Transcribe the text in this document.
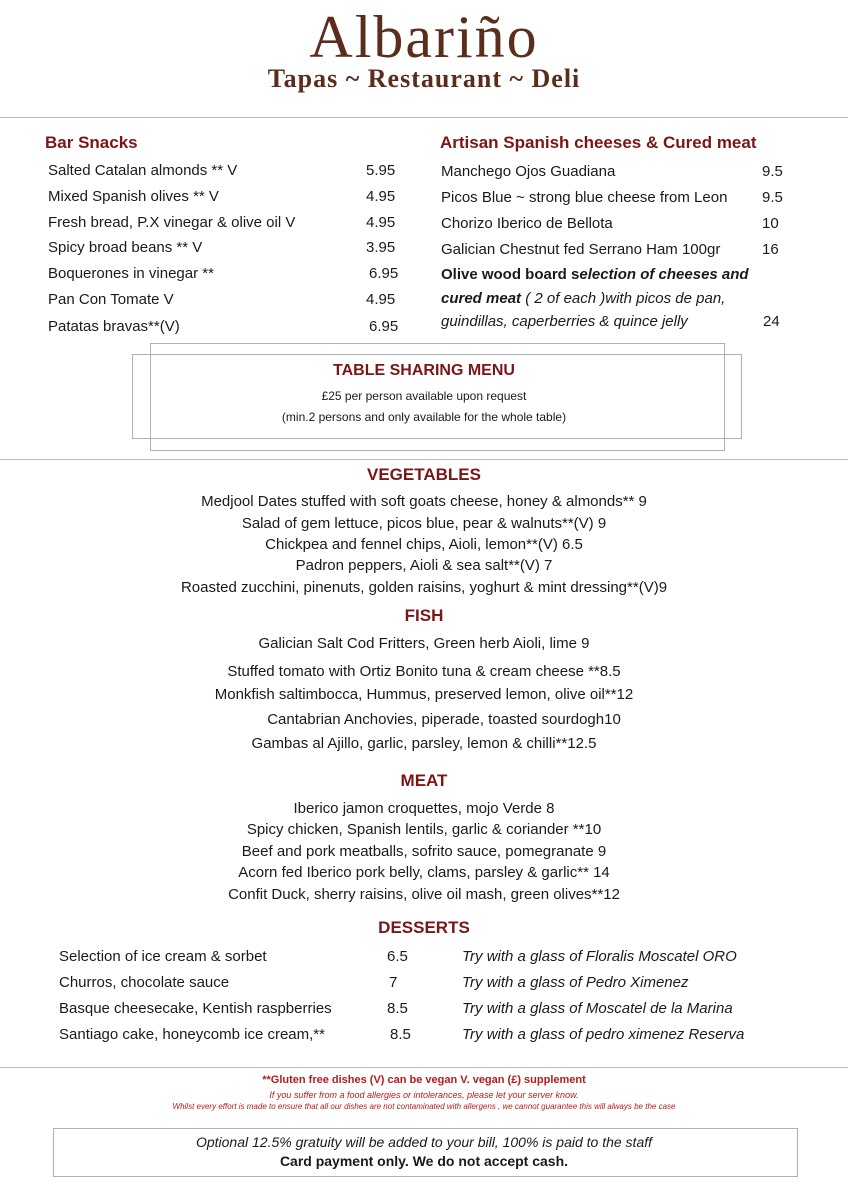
Albariño
Tapas ~ Restaurant ~ Deli
Bar Snacks
Salted Catalan almonds ** V	5.95
Mixed Spanish olives ** V	4.95
Fresh bread, P.X vinegar & olive oil V	4.95
Spicy broad beans ** V	3.95
Boquerones in vinegar **	6.95
Pan Con Tomate V	4.95
Patatas bravas**(V)	6.95
Artisan Spanish cheeses & Cured meat
Manchego Ojos Guadiana	9.5
Picos Blue ~ strong blue cheese from Leon 9.5
Chorizo Iberico de Bellota	10
Galician Chestnut fed Serrano Ham 100gr	16
Olive wood board selection of cheeses and
cured meat ( 2 of each )with picos de pan,
guindillas, caperberries & quince jelly	24
TABLE SHARING MENU
£25 per person available upon request
(min.2 persons and only available for the whole table)
VEGETABLES
Medjool Dates stuffed with soft goats cheese, honey & almonds** 9
Salad of gem lettuce, picos blue, pear & walnuts**(V) 9
Chickpea and fennel chips, Aioli, lemon**(V) 6.5
Padron peppers, Aioli & sea salt**(V) 7
Roasted zucchini, pinenuts, golden raisins, yoghurt & mint dressing**(V)9
FISH
Galician Salt Cod Fritters, Green herb Aioli, lime 9
Stuffed tomato with Ortiz Bonito tuna & cream cheese **8.5
Monkfish saltimbocca, Hummus, preserved lemon, olive oil**12
Cantabrian Anchovies, piperade, toasted sourdogh10
Gambas al Ajillo, garlic, parsley, lemon & chilli**12.5
MEAT
Iberico jamon croquettes, mojo Verde 8
Spicy chicken, Spanish lentils, garlic & coriander **10
Beef and pork meatballs, sofrito sauce, pomegranate 9
Acorn fed Iberico pork belly, clams, parsley & garlic** 14
Confit Duck, sherry raisins, olive oil mash, green olives**12
DESSERTS
Selection of ice cream & sorbet	6.5	Try with a glass of Floralis Moscatel ORO
Churros, chocolate sauce	7	Try with a glass of Pedro Ximenez
Basque cheesecake, Kentish raspberries	8.5	Try with a glass of Moscatel de la Marina
Santiago cake, honeycomb ice cream,**	8.5	Try with a glass of pedro ximenez Reserva
**Gluten free dishes (V) can be vegan V. vegan (£) supplement
If you suffer from a food allergies or intolerances, please let your server know.
Whilst every effort is made to ensure that all our dishes are not contaminated with allergens , we cannot guarantee this will always be the case
Optional 12.5% gratuity will be added to your bill, 100% is paid to the staff
Card payment only. We do not accept cash.
